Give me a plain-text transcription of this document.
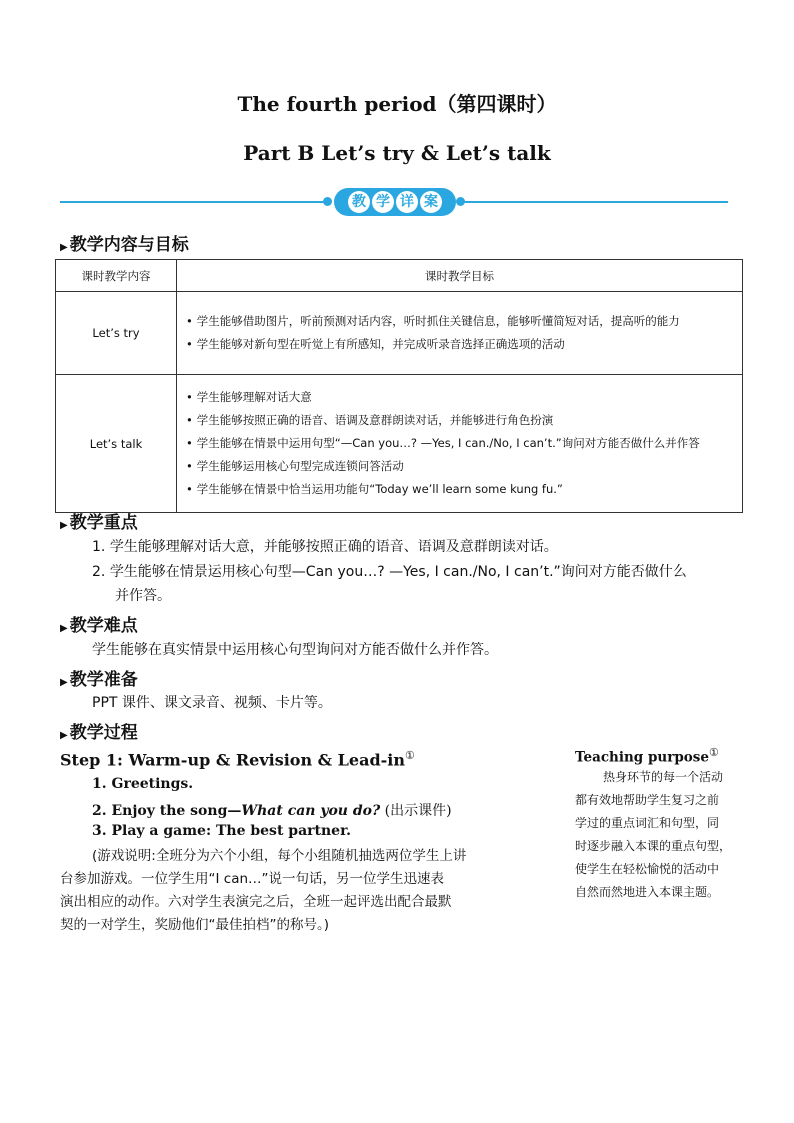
The fourth period（第四课时）
Part B Let’s try & Let’s talk
教 学 详 案
▶ 教学内容与目标
课时教学内容	课时教学目标
Let’s try	• 学生能够借助图片，听前预测对话内容，听时抓住关键信息，能够听懂简短对话，提高听的能力
• 学生能够对新句型在听觉上有所感知，并完成听录音选择正确选项的活动

Let’s talk	• 学生能够理解对话大意
• 学生能够按照正确的语音、语调及意群朗读对话，并能够进行角色扮演
• 学生能够在情景中运用句型“—Can you…? —Yes, I can./No, I can’t.”询问对方能否做什么并作答
• 学生能够运用核心句型完成连锁问答活动
• 学生能够在情景中恰当运用功能句“Today we’ll learn some kung fu.”
▶ 教学重点
1. 学生能够理解对话大意，并能够按照正确的语音、语调及意群朗读对话。
2. 学生能够在情景运用核心句型—Can you…? —Yes, I can./No, I can’t.”询问对方能否做什么
并作答。
▶ 教学难点
学生能够在真实情景中运用核心句型询问对方能否做什么并作答。
▶ 教学准备
PPT 课件、课文录音、视频、卡片等。
▶ 教学过程
Step 1: Warm-up & Revision & Lead-in①
1. Greetings.
2. Enjoy the song—What can you do? (出示课件)
3. Play a game: The best partner.
(游戏说明:全班分为六个小组，每个小组随机抽选两位学生上讲
台参加游戏。一位学生用“I can…”说一句话，另一位学生迅速表
演出相应的动作。六对学生表演完之后，全班一起评选出配合最默
契的一对学生，奖励他们“最佳拍档”的称号。)
Teaching purpose①
热身环节的每一个活动
都有效地帮助学生复习之前
学过的重点词汇和句型，同
时逐步融入本课的重点句型，
使学生在轻松愉悦的活动中
自然而然地进入本课主题。
